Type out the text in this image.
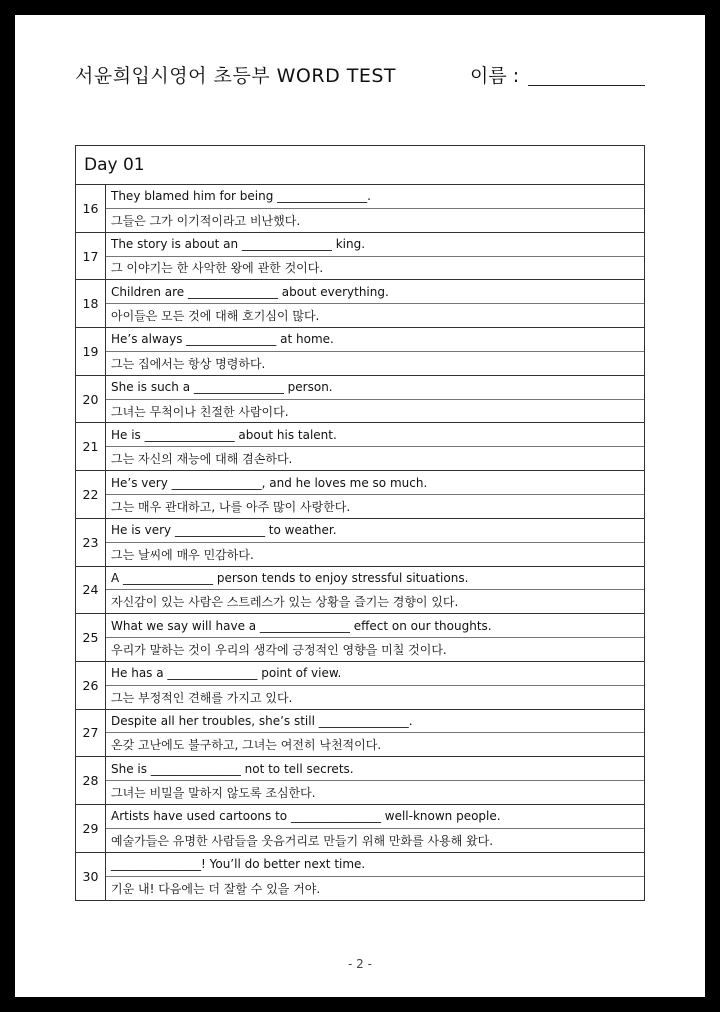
서윤희입시영어 초등부 WORD TEST	이름 :
Day 01
16
They blamed him for being _______________.
그들은 그가 이기적이라고 비난했다.
17
The story is about an _______________ king.
그 이야기는 한 사악한 왕에 관한 것이다.
18
Children are _______________ about everything.
아이들은 모든 것에 대해 호기심이 많다.
19
He’s always _______________ at home.
그는 집에서는 항상 명령하다.
20
She is such a _______________ person.
그녀는 무척이나 친절한 사람이다.
21
He is _______________ about his talent.
그는 자신의 재능에 대해 겸손하다.
22
He’s very _______________, and he loves me so much.
그는 매우 관대하고, 나를 아주 많이 사랑한다.
23
He is very _______________ to weather.
그는 날씨에 매우 민감하다.
24
A _______________ person tends to enjoy stressful situations.
자신감이 있는 사람은 스트레스가 있는 상황을 즐기는 경향이 있다.
25
What we say will have a _______________ effect on our thoughts.
우리가 말하는 것이 우리의 생각에 긍정적인 영향을 미칠 것이다.
26
He has a _______________ point of view.
그는 부정적인 견해를 가지고 있다.
27
Despite all her troubles, she’s still _______________.
온갖 고난에도 불구하고, 그녀는 여전히 낙천적이다.
28
She is _______________ not to tell secrets.
그녀는 비밀을 말하지 않도록 조심한다.
29
Artists have used cartoons to _______________ well-known people.
예술가들은 유명한 사람들을 웃음거리로 만들기 위해 만화를 사용해 왔다.
30
_______________! You’ll do better next time.
기운 내! 다음에는 더 잘할 수 있을 거야.
- 2 -
